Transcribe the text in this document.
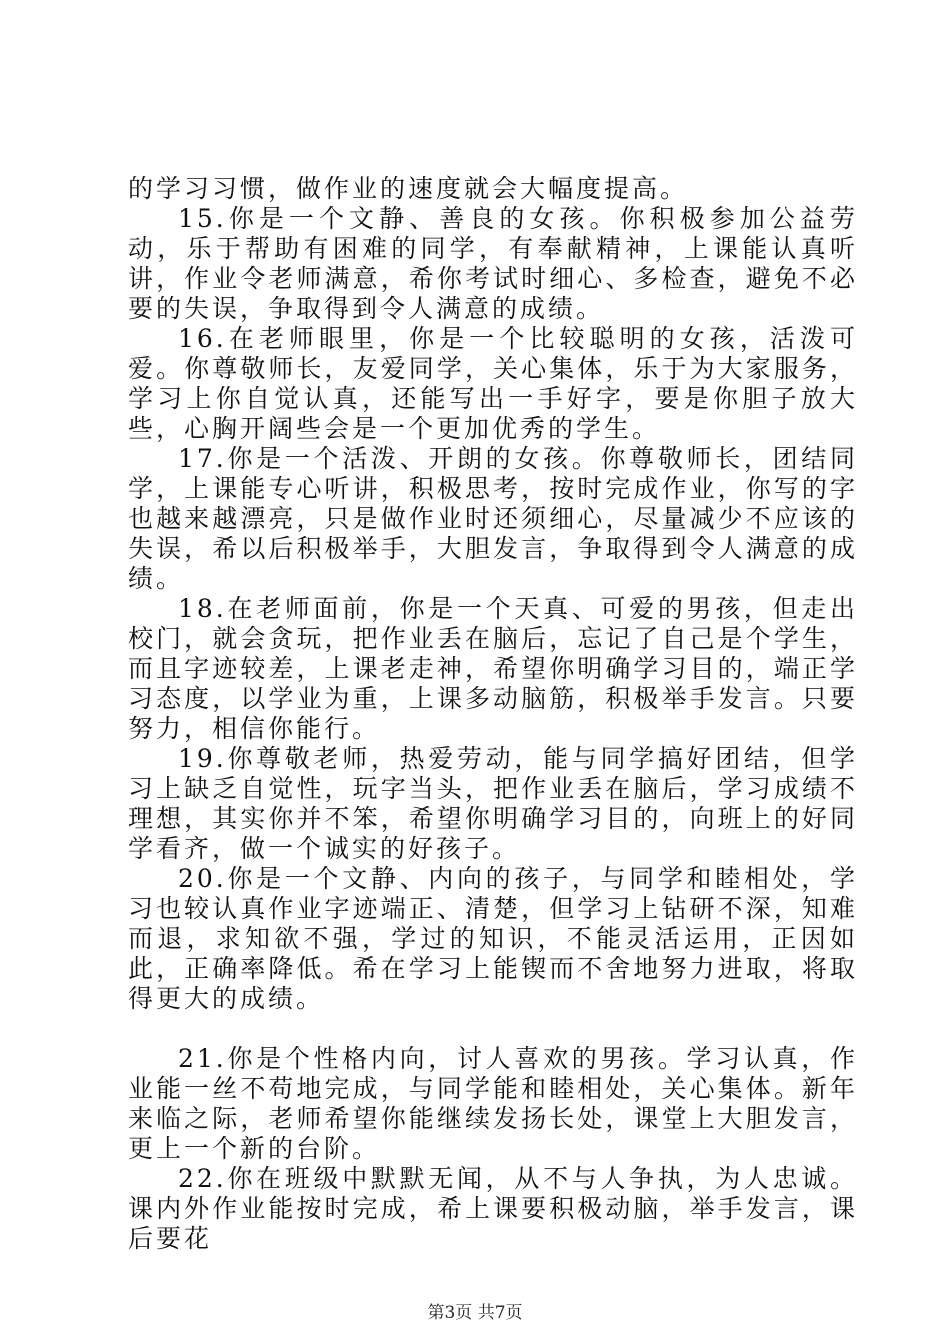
的学习习惯，做作业的速度就会大幅度提高。

15.你是一个文静、善良的女孩。你积极参加公益劳动，乐于帮助有困难的同学，有奉献精神，上课能认真听讲，作业令老师满意，希你考试时细心、多检查，避免不必要的失误，争取得到令人满意的成绩。

16.在老师眼里，你是一个比较聪明的女孩，活泼可爱。你尊敬师长，友爱同学，关心集体，乐于为大家服务，学习上你自觉认真，还能写出一手好字，要是你胆子放大些，心胸开阔些会是一个更加优秀的学生。

17.你是一个活泼、开朗的女孩。你尊敬师长，团结同学，上课能专心听讲，积极思考，按时完成作业，你写的字也越来越漂亮，只是做作业时还须细心，尽量减少不应该的失误，希以后积极举手，大胆发言，争取得到令人满意的成绩。

18.在老师面前，你是一个天真、可爱的男孩，但走出校门，就会贪玩，把作业丢在脑后，忘记了自己是个学生，而且字迹较差，上课老走神，希望你明确学习目的，端正学习态度，以学业为重，上课多动脑筋，积极举手发言。只要努力，相信你能行。

19.你尊敬老师，热爱劳动，能与同学搞好团结，但学习上缺乏自觉性，玩字当头，把作业丢在脑后，学习成绩不理想，其实你并不笨，希望你明确学习目的，向班上的好同学看齐，做一个诚实的好孩子。

20.你是一个文静、内向的孩子，与同学和睦相处，学习也较认真作业字迹端正、清楚，但学习上钻研不深，知难而退，求知欲不强，学过的知识，不能灵活运用，正因如此，正确率降低。希在学习上能锲而不舍地努力进取，将取得更大的成绩。

21.你是个性格内向，讨人喜欢的男孩。学习认真，作业能一丝不苟地完成，与同学能和睦相处，关心集体。新年来临之际，老师希望你能继续发扬长处，课堂上大胆发言，更上一个新的台阶。

22.你在班级中默默无闻，从不与人争执，为人忠诚。课内外作业能按时完成，希上课要积极动脑，举手发言，课后要花

第3页 共7页
